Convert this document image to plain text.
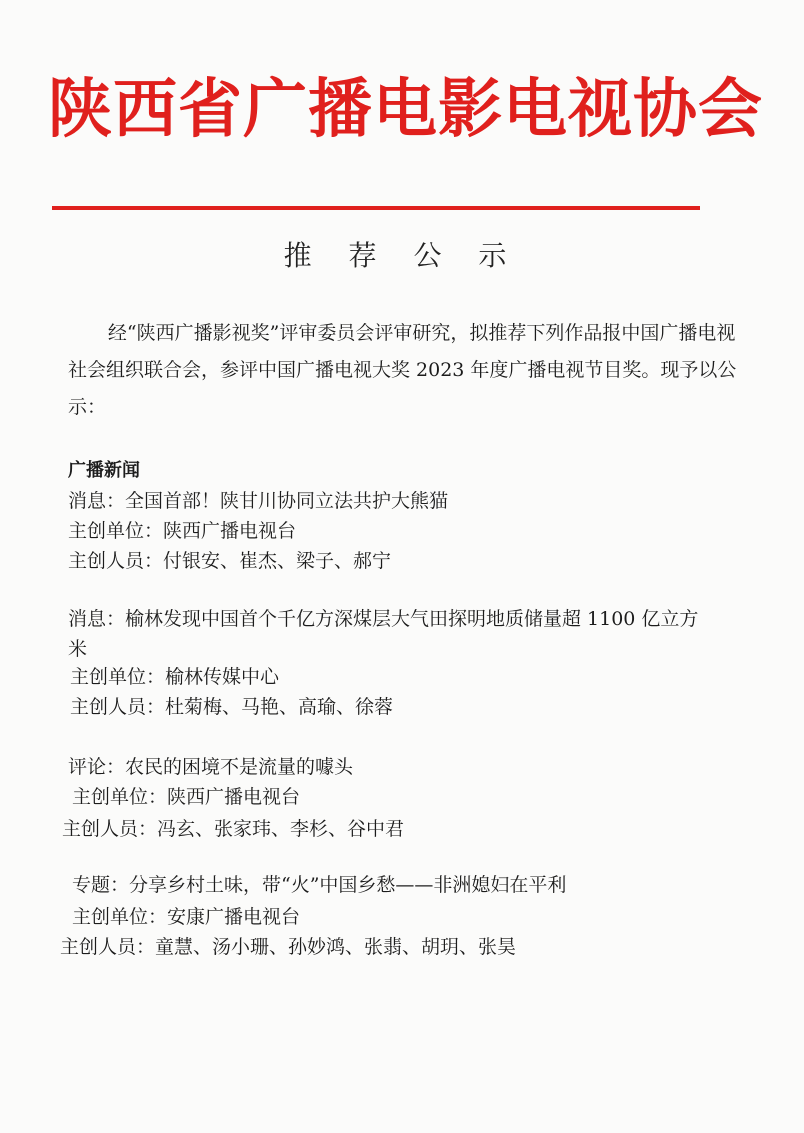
陕西省广播电影电视协会
推 荐 公 示
经“陕西广播影视奖”评审委员会评审研究，拟推荐下列作品报中国广播电视社会组织联合会，参评中国广播电视大奖 2023 年度广播电视节目奖。现予以公示：
广播新闻
消息：全国首部！陕甘川协同立法共护大熊猫
主创单位：陕西广播电视台
主创人员：付银安、崔杰、梁子、郝宁
消息：榆林发现中国首个千亿方深煤层大气田探明地质储量超 1100 亿立方
米
主创单位：榆林传媒中心
主创人员：杜菊梅、马艳、高瑜、徐蓉
评论：农民的困境不是流量的噱头
主创单位：陕西广播电视台
主创人员：冯玄、张家玮、李杉、谷中君
专题：分享乡村土味，带“火”中国乡愁——非洲媳妇在平利
主创单位：安康广播电视台
主创人员：童慧、汤小珊、孙妙鸿、张翡、胡玥、张昊
